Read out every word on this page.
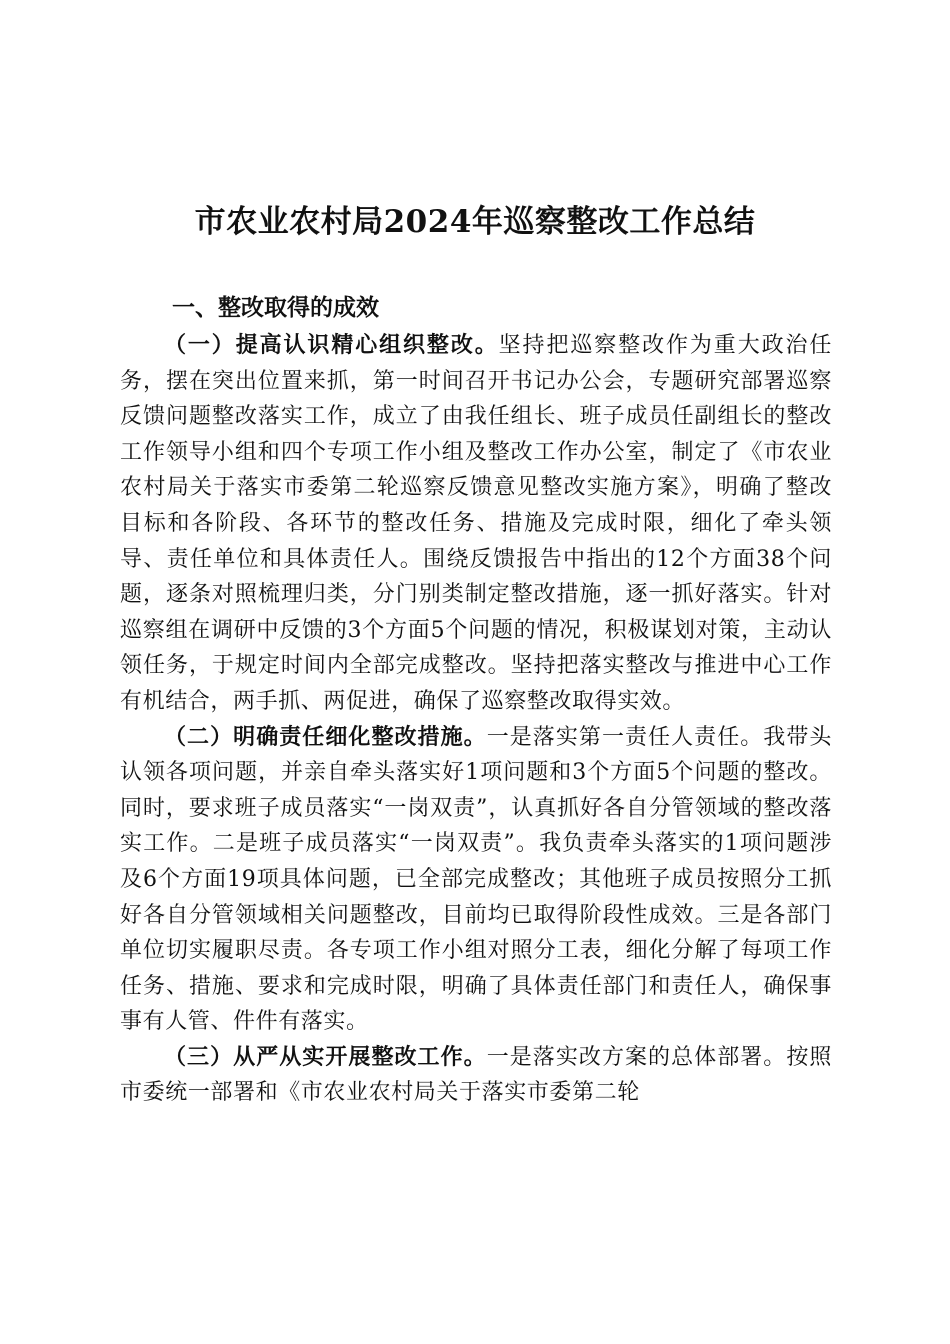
市农业农村局2024年巡察整改工作总结
一、整改取得的成效

（一）提高认识精心组织整改。坚持把巡察整改作为重大政治任务，摆在突出位置来抓，第一时间召开书记办公会，专题研究部署巡察反馈问题整改落实工作，成立了由我任组长、班子成员任副组长的整改工作领导小组和四个专项工作小组及整改工作办公室，制定了《市农业农村局关于落实市委第二轮巡察反馈意见整改实施方案》，明确了整改目标和各阶段、各环节的整改任务、措施及完成时限，细化了牵头领导、责任单位和具体责任人。围绕反馈报告中指出的12个方面38个问题，逐条对照梳理归类，分门别类制定整改措施，逐一抓好落实。针对巡察组在调研中反馈的3个方面5个问题的情况，积极谋划对策，主动认领任务，于规定时间内全部完成整改。坚持把落实整改与推进中心工作有机结合，两手抓、两促进，确保了巡察整改取得实效。

（二）明确责任细化整改措施。一是落实第一责任人责任。我带头认领各项问题，并亲自牵头落实好1项问题和3个方面5个问题的整改。同时，要求班子成员落实“一岗双责”，认真抓好各自分管领域的整改落实工作。二是班子成员落实“一岗双责”。我负责牵头落实的1项问题涉及6个方面19项具体问题，已全部完成整改；其他班子成员按照分工抓好各自分管领域相关问题整改，目前均已取得阶段性成效。三是各部门单位切实履职尽责。各专项工作小组对照分工表，细化分解了每项工作任务、措施、要求和完成时限，明确了具体责任部门和责任人，确保事事有人管、件件有落实。

（三）从严从实开展整改工作。一是落实改方案的总体部署。按照市委统一部署和《市农业农村局关于落实市委第二轮
